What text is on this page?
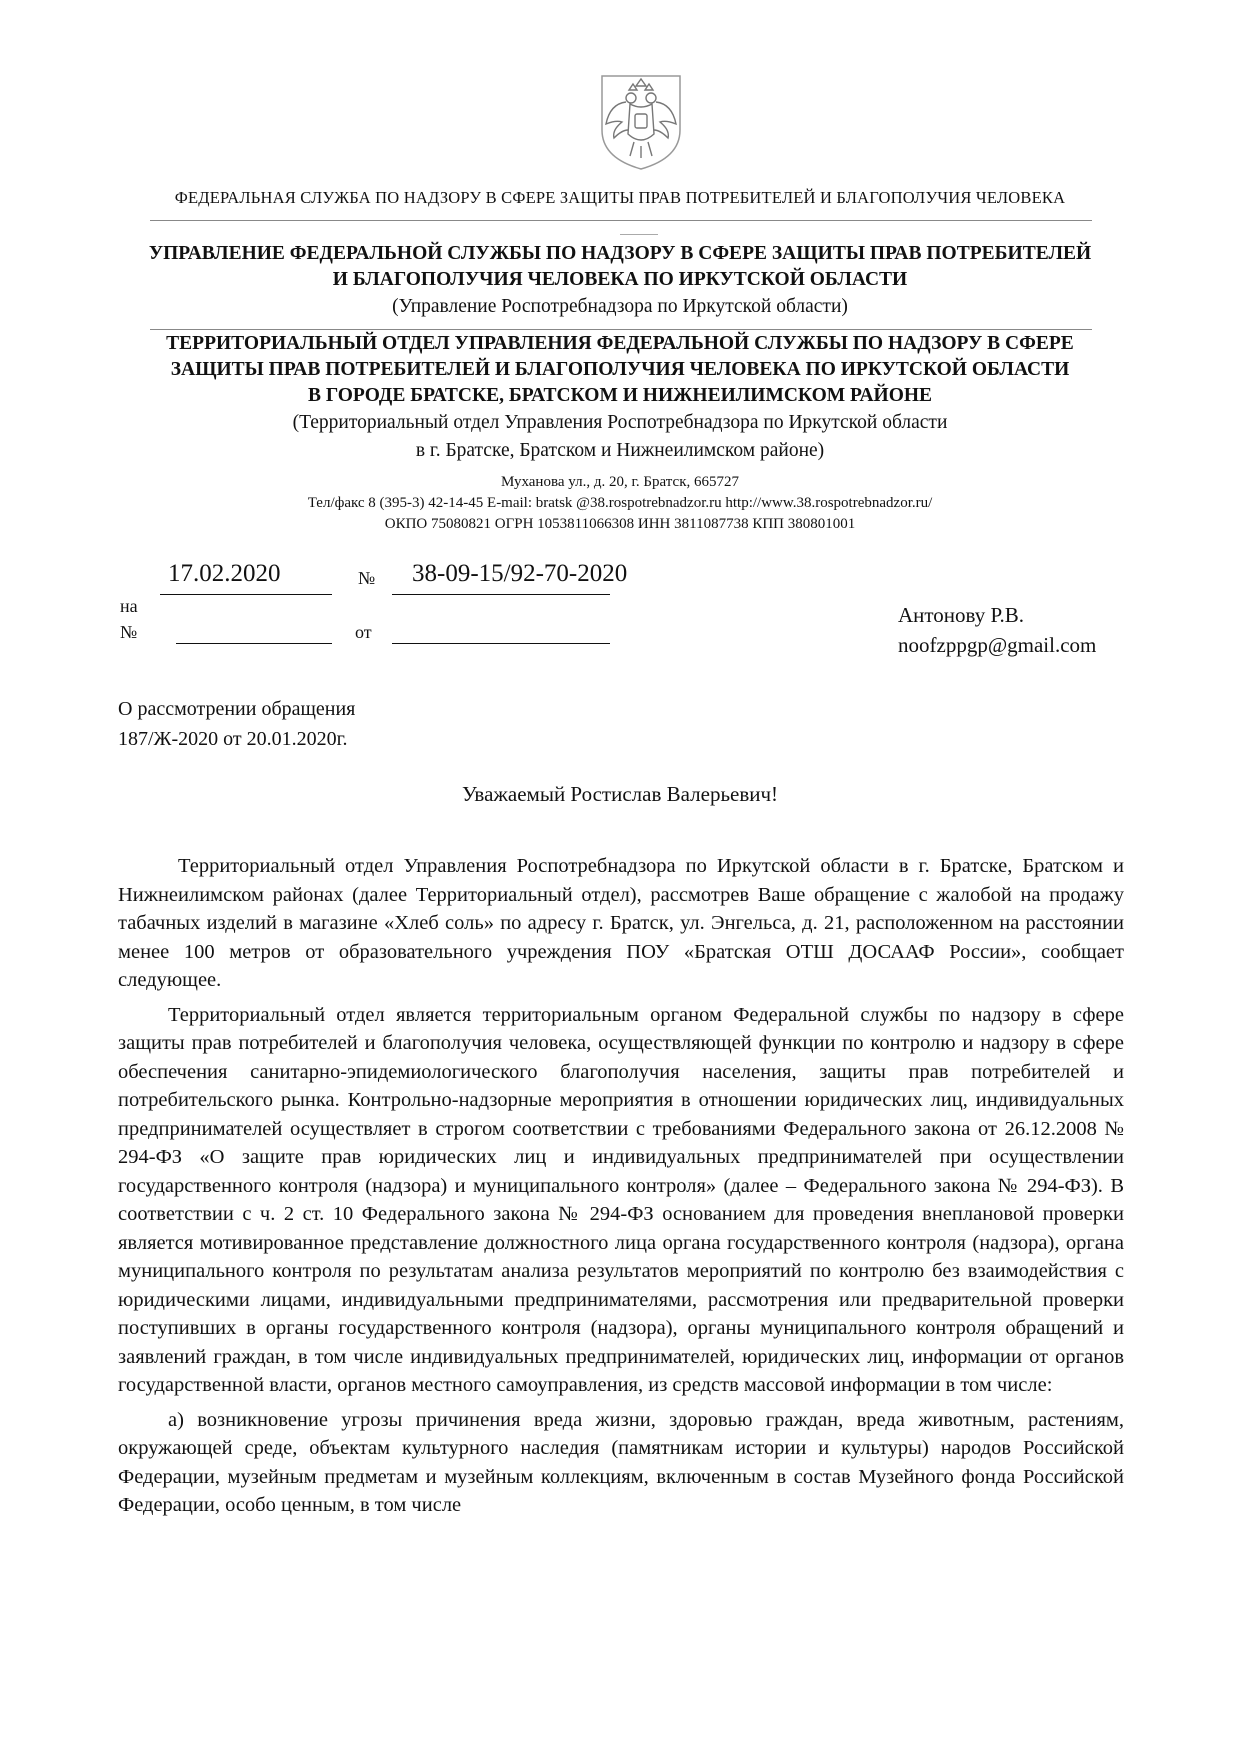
ФЕДЕРАЛЬНАЯ СЛУЖБА ПО НАДЗОРУ В СФЕРЕ ЗАЩИТЫ ПРАВ ПОТРЕБИТЕЛЕЙ И БЛАГОПОЛУЧИЯ ЧЕЛОВЕКА
УПРАВЛЕНИЕ ФЕДЕРАЛЬНОЙ СЛУЖБЫ ПО НАДЗОРУ В СФЕРЕ ЗАЩИТЫ ПРАВ ПОТРЕБИТЕЛЕЙ
И БЛАГОПОЛУЧИЯ ЧЕЛОВЕКА ПО ИРКУТСКОЙ ОБЛАСТИ
(Управление Роспотребнадзора по Иркутской области)
ТЕРРИТОРИАЛЬНЫЙ ОТДЕЛ УПРАВЛЕНИЯ ФЕДЕРАЛЬНОЙ СЛУЖБЫ ПО НАДЗОРУ В СФЕРЕ
ЗАЩИТЫ ПРАВ ПОТРЕБИТЕЛЕЙ И БЛАГОПОЛУЧИЯ ЧЕЛОВЕКА ПО ИРКУТСКОЙ ОБЛАСТИ
В ГОРОДЕ БРАТСКЕ, БРАТСКОМ И НИЖНЕИЛИМСКОМ РАЙОНЕ
(Территориальный отдел Управления Роспотребнадзора по Иркутской области
в г. Братске, Братском и Нижнеилимском районе)
Муханова ул., д. 20, г. Братск, 665727
Тел/факс 8 (395-3) 42-14-45 E-mail: bratsk @38.rospotrebnadzor.ru http://www.38.rospotrebnadzor.ru/
ОКПО 75080821 ОГРН 1053811066308 ИНН 3811087738 КПП 380801001
17.02.2020	№ 38-09-15/92-70-2020
на
№	от
Антонову Р.В.
noofzppgp@gmail.com
О рассмотрении обращения
187/Ж-2020 от 20.01.2020г.
Уважаемый Ростислав Валерьевич!

Территориальный отдел Управления Роспотребнадзора по Иркутской области в г. Братске, Братском и Нижнеилимском районах (далее Территориальный отдел), рассмотрев Ваше обращение с жалобой на продажу табачных изделий в магазине «Хлеб соль» по адресу г. Братск, ул. Энгельса, д. 21, расположенном на расстоянии менее 100 метров от образовательного учреждения ПОУ «Братская ОТШ ДОСААФ России», сообщает следующее.

Территориальный отдел является территориальным органом Федеральной службы по надзору в сфере защиты прав потребителей и благополучия человека, осуществляющей функции по контролю и надзору в сфере обеспечения санитарно-эпидемиологического благополучия населения, защиты прав потребителей и потребительского рынка. Контрольно-надзорные мероприятия в отношении юридических лиц, индивидуальных предпринимателей осуществляет в строгом соответствии с требованиями Федерального закона от 26.12.2008 № 294-ФЗ «О защите прав юридических лиц и индивидуальных предпринимателей при осуществлении государственного контроля (надзора) и муниципального контроля» (далее – Федерального закона № 294-ФЗ). В соответствии с ч. 2 ст. 10 Федерального закона № 294-ФЗ основанием для проведения внеплановой проверки является мотивированное представление должностного лица органа государственного контроля (надзора), органа муниципального контроля по результатам анализа результатов мероприятий по контролю без взаимодействия с юридическими лицами, индивидуальными предпринимателями, рассмотрения или предварительной проверки поступивших в органы государственного контроля (надзора), органы муниципального контроля обращений и заявлений граждан, в том числе индивидуальных предпринимателей, юридических лиц, информации от органов государственной власти, органов местного самоуправления, из средств массовой информации в том числе:

а) возникновение угрозы причинения вреда жизни, здоровью граждан, вреда животным, растениям, окружающей среде, объектам культурного наследия (памятникам истории и культуры) народов Российской Федерации, музейным предметам и музейным коллекциям, включенным в состав Музейного фонда Российской Федерации, особо ценным, в том числе
